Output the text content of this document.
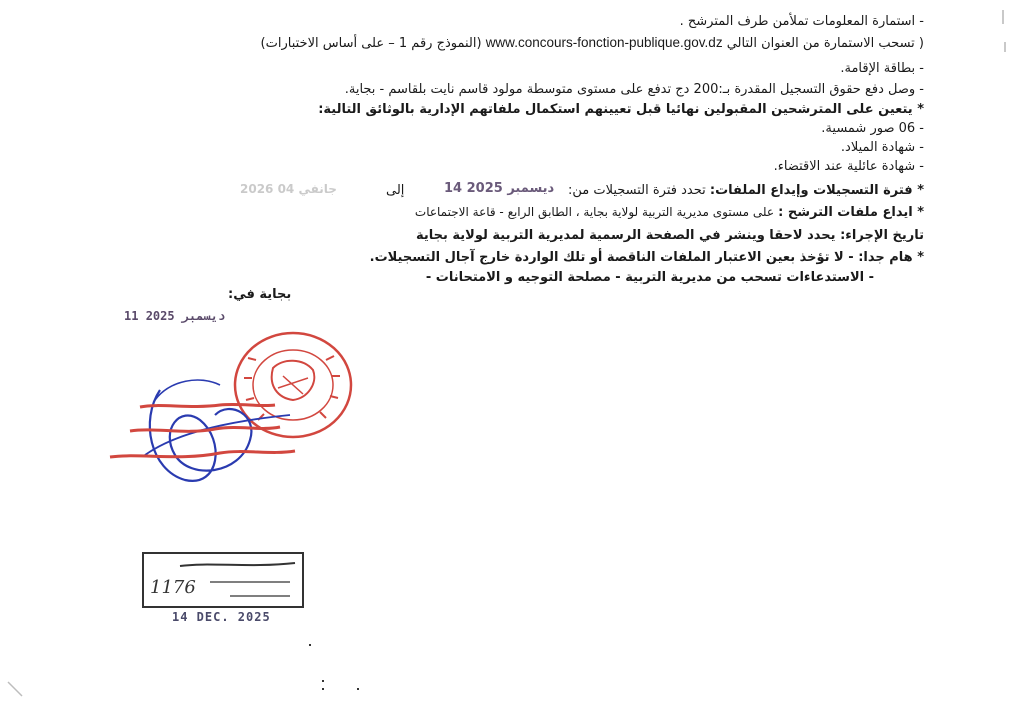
- استمارة المعلومات تملأمن طرف المترشح .
( تسحب الاستمارة من العنوان التالي www.concours-fonction-publique.gov.dz (النموذج رقم 1 – على أساس الاختبارات)
- بطاقة الإقامة.
- وصل دفع حقوق التسجيل المقدرة بـ:200 دج تدفع على مستوى متوسطة مولود قاسم نايت بلقاسم - بجاية.
* يتعين على المترشحين المقبولين نهائيا قبل تعيينهم استكمال ملفاتهم الإدارية بالوثائق التالية:
- 06 صور شمسية.
- شهادة الميلاد.
- شهادة عائلية عند الاقتضاء.
* فترة التسجيلات وإيداع الملفات: تحدد فترة التسجيلات من:
14 ديسمبر 2025
إلى
2026 جانفي 04
* ايداع ملفات الترشح : على مستوى مديرية التربية لولاية بجاية ، الطابق الرابع - قاعة الاجتماعات
تاريخ الإجراء: يحدد لاحقا وينشر في الصفحة الرسمية لمديرية التربية لولاية بجاية
* هام جدا: - لا تؤخذ بعين الاعتبار الملفات الناقصة أو تلك الواردة خارج آجال التسجيلات.
- الاستدعاءات تسحب من مديرية التربية - مصلحة التوجيه و الامتحانات -
بجاية في:
11 ديسمبر 2025
1176
14 DEC. 2025
